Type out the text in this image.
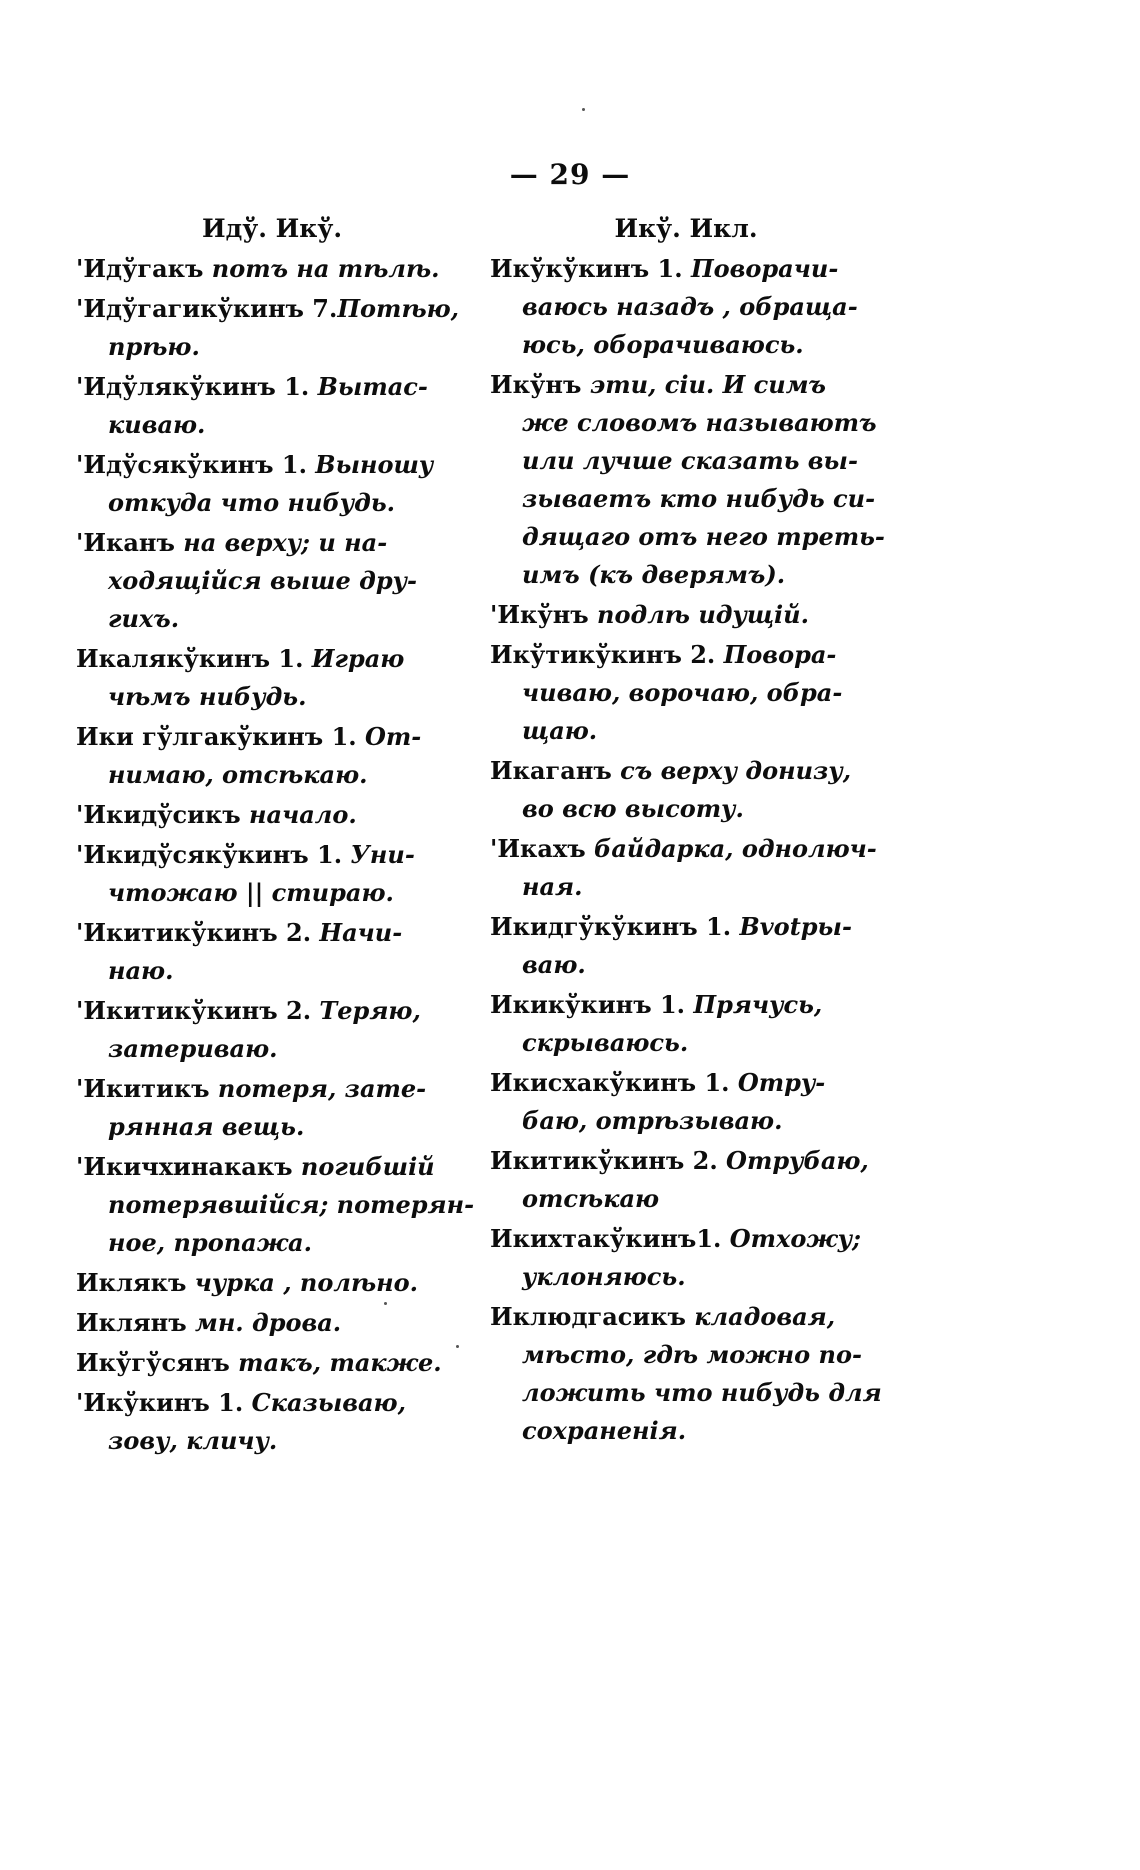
— 29 —
Идў. Икў.
'Идўгакъ потъ на тѣлѣ.
'Идўгагикўкинъ 7.Потѣю,
прѣю.
'Идўлякўкинъ 1. Вытас-
киваю.
'Идўсякўкинъ 1. Выношу
откуда что нибудь.
'Иканъ на верху; и на-
ходящійся выше дру-
гихъ.
Икалякўкинъ 1. Играю
чѣмъ нибудь.
Ики гўлгакўкинъ 1. От-
нимаю, отсѣкаю.
'Икидўсикъ начало.
'Икидўсякўкинъ 1. Уни-
чтожаю || стираю.
'Икитикўкинъ 2. Начи-
наю.
'Икитикўкинъ 2. Теряю,
затериваю.
'Икитикъ потеря, зате-
рянная вещь.
'Икичхинакакъ погибшій
потерявшійся; потерян-
ное, пропажа.
Иклякъ чурка , полѣно.
Иклянъ мн. дрова.
Икўгўсянъ такъ, также.
'Икўкинъ 1. Сказываю,
зову, кличу.
Икў. Икл.
Икўкўкинъ 1. Поворачи-
ваюсь назадъ , обраща-
юсь, оборачиваюсь.
Икўнъ эти, сіи. И симъ
же словомъ называютъ
или лучше сказать вы-
зываетъ кто нибудь си-
дящаго отъ него треть-
имъ (къ дверямъ).
'Икўнъ подлѣ идущій.
Икўтикўкинъ 2. Повора-
чиваю, ворочаю, обра-
щаю.
Икаганъ съ верху донизу,
во всю высоту.
'Икахъ байдарка, однолюч-
ная.
Икидгўкўкинъ 1. Вvotры-
ваю.
Икикўкинъ 1. Прячусь,
скрываюсь.
Икисхакўкинъ 1. Отру-
баю, отрѣзываю.
Икитикўкинъ 2. Отрубаю,
отсѣкаю
Икихтакўкинъ1. Отхожу;
уклоняюсь.
Иклюдгасикъ кладовая,
мѣсто, гдѣ можно по-
ложить что нибудь для
сохраненія.
